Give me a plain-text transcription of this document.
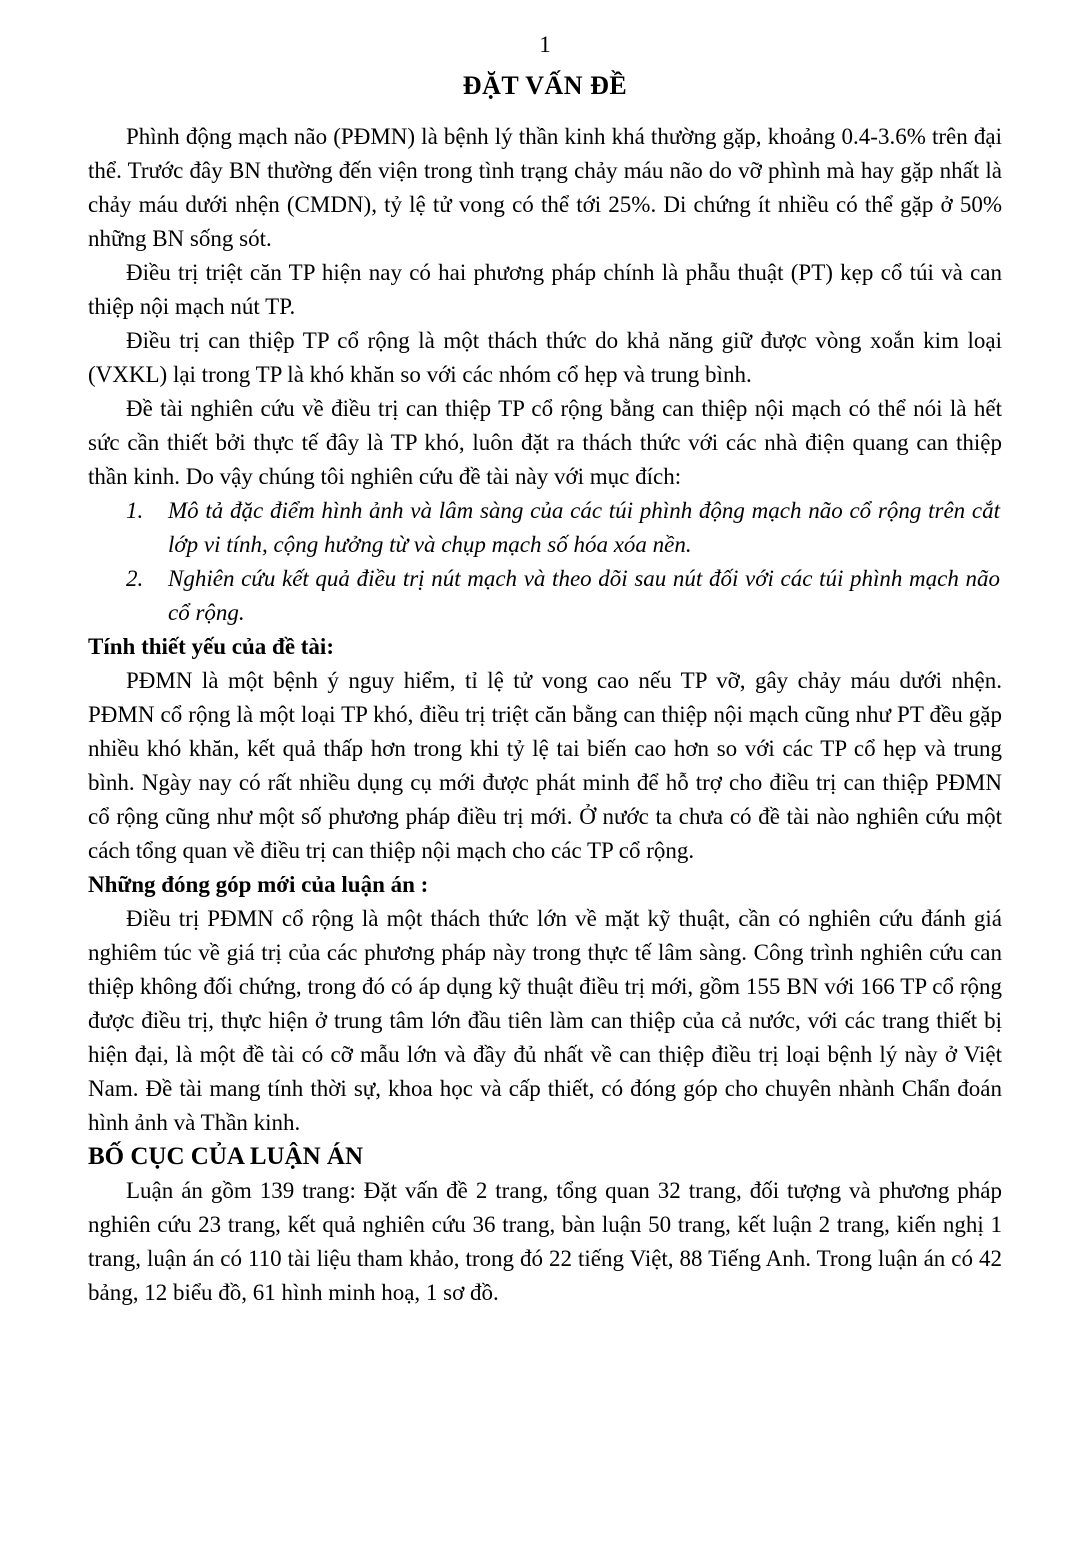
1
ĐẶT VẤN ĐỀ

Phình động mạch não (PĐMN) là bệnh lý thần kinh khá thường gặp, khoảng 0.4-3.6% trên đại thể. Trước đây BN thường đến viện trong tình trạng chảy máu não do vỡ phình mà hay gặp nhất là chảy máu dưới nhện (CMDN), tỷ lệ tử vong có thể tới 25%. Di chứng ít nhiều có thể gặp ở 50% những BN sống sót.

Điều trị triệt căn TP hiện nay có hai phương pháp chính là phẫu thuật (PT) kẹp cổ túi và can thiệp nội mạch nút TP.

Điều trị can thiệp TP cổ rộng là một thách thức do khả năng giữ được vòng xoắn kim loại (VXKL) lại trong TP là khó khăn so với các nhóm cổ hẹp và trung bình.

Đề tài nghiên cứu về điều trị can thiệp TP cổ rộng bằng can thiệp nội mạch có thể nói là hết sức cần thiết bởi thực tế đây là TP khó, luôn đặt ra thách thức với các nhà điện quang can thiệp thần kinh. Do vậy chúng tôi nghiên cứu đề tài này với mục đích:

1.	Mô tả đặc điểm hình ảnh và lâm sàng của các túi phình động mạch não cổ rộng trên cắt lớp vi tính, cộng hưởng từ và chụp mạch số hóa xóa nền.
2.	Nghiên cứu kết quả điều trị nút mạch và theo dõi sau nút đối với các túi phình mạch não cổ rộng.
Tính thiết yếu của đề tài:

PĐMN là một bệnh ý nguy hiểm, tỉ lệ tử vong cao nếu TP vỡ, gây chảy máu dưới nhện. PĐMN cổ rộng là một loại TP khó, điều trị triệt căn bằng can thiệp nội mạch cũng như PT đều gặp nhiều khó khăn, kết quả thấp hơn trong khi tỷ lệ tai biến cao hơn so với các TP cổ hẹp và trung bình. Ngày nay có rất nhiều dụng cụ mới được phát minh để hỗ trợ cho điều trị can thiệp PĐMN cổ rộng cũng như một số phương pháp điều trị mới. Ở nước ta chưa có đề tài nào nghiên cứu một cách tổng quan về điều trị can thiệp nội mạch cho các TP cổ rộng.

Những đóng góp mới của luận án :

Điều trị PĐMN cổ rộng là một thách thức lớn về mặt kỹ thuật, cần có nghiên cứu đánh giá nghiêm túc về giá trị của các phương pháp này trong thực tế lâm sàng. Công trình nghiên cứu can thiệp không đối chứng, trong đó có áp dụng kỹ thuật điều trị mới, gồm 155 BN với 166 TP cổ rộng được điều trị, thực hiện ở trung tâm lớn đầu tiên làm can thiệp của cả nước, với các trang thiết bị hiện đại, là một đề tài có cỡ mẫu lớn và đầy đủ nhất về can thiệp điều trị loại bệnh lý này ở Việt Nam. Đề tài mang tính thời sự, khoa học và cấp thiết, có đóng góp cho chuyên nhành Chẩn đoán hình ảnh và Thần kinh.

BỐ CỤC CỦA LUẬN ÁN

Luận án gồm 139 trang: Đặt vấn đề 2 trang, tổng quan 32 trang, đối tượng và phương pháp nghiên cứu 23 trang, kết quả nghiên cứu 36 trang, bàn luận 50 trang, kết luận 2 trang, kiến nghị 1 trang, luận án có 110 tài liệu tham khảo, trong đó 22 tiếng Việt, 88 Tiếng Anh. Trong luận án có 42 bảng, 12 biểu đồ, 61 hình minh hoạ, 1 sơ đồ.
